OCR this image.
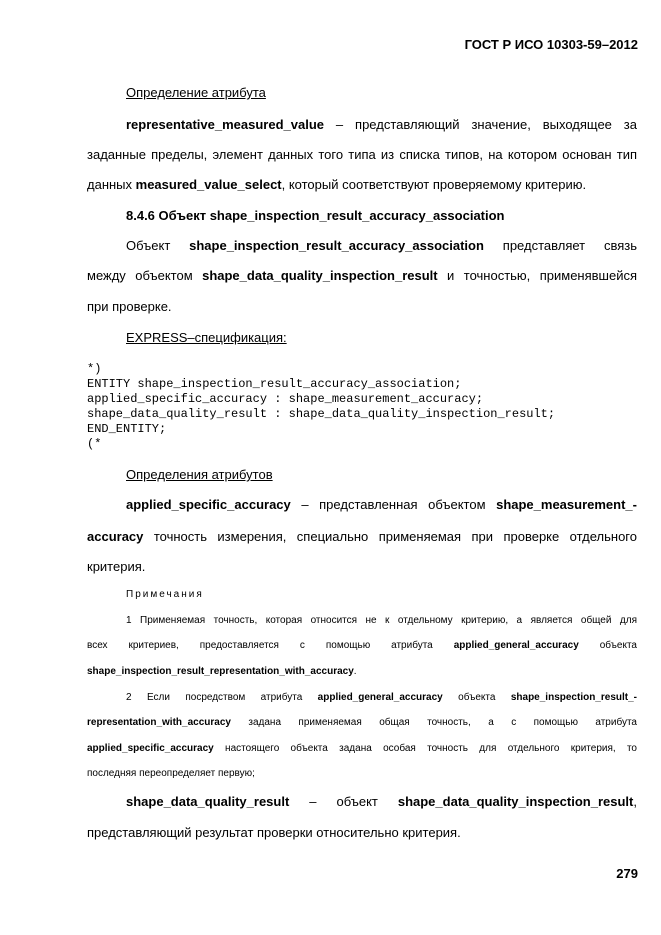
ГОСТ Р ИСО 10303-59–2012
Определение атрибута
representative_measured_value – представляющий значение, выходящее за
заданные пределы, элемент данных того типа из списка типов, на котором основан тип
данных measured_value_select, который соответствуют проверяемому критерию.
8.4.6 Объект shape_inspection_result_accuracy_association
Объект shape_inspection_result_accuracy_association представляет связь
между объектом shape_data_quality_inspection_result и точностью, применявшейся
при проверке.
EXPRESS–спецификация:
*)
ENTITY shape_inspection_result_accuracy_association;
applied_specific_accuracy : shape_measurement_accuracy;
shape_data_quality_result : shape_data_quality_inspection_result;
END_ENTITY;
(*
Определения атрибутов
applied_specific_accuracy – представленная объектом shape_measurement_-
accuracy точность измерения, специально применяемая при проверке отдельного
критерия.
Примечания
1 Применяемая точность, которая относится не к отдельному критерию, а является общей для
всех критериев, предоставляется с помощью атрибута applied_general_accuracy объекта
shape_inspection_result_representation_with_accuracy.
2 Если посредством атрибута applied_general_accuracy объекта shape_inspection_result_-
representation_with_accuracy задана применяемая общая точность, а с помощью атрибута
applied_specific_accuracy настоящего объекта задана особая точность для отдельного критерия, то
последняя переопределяет первую;
shape_data_quality_result – объект shape_data_quality_inspection_result,
представляющий результат проверки относительно критерия.
279
